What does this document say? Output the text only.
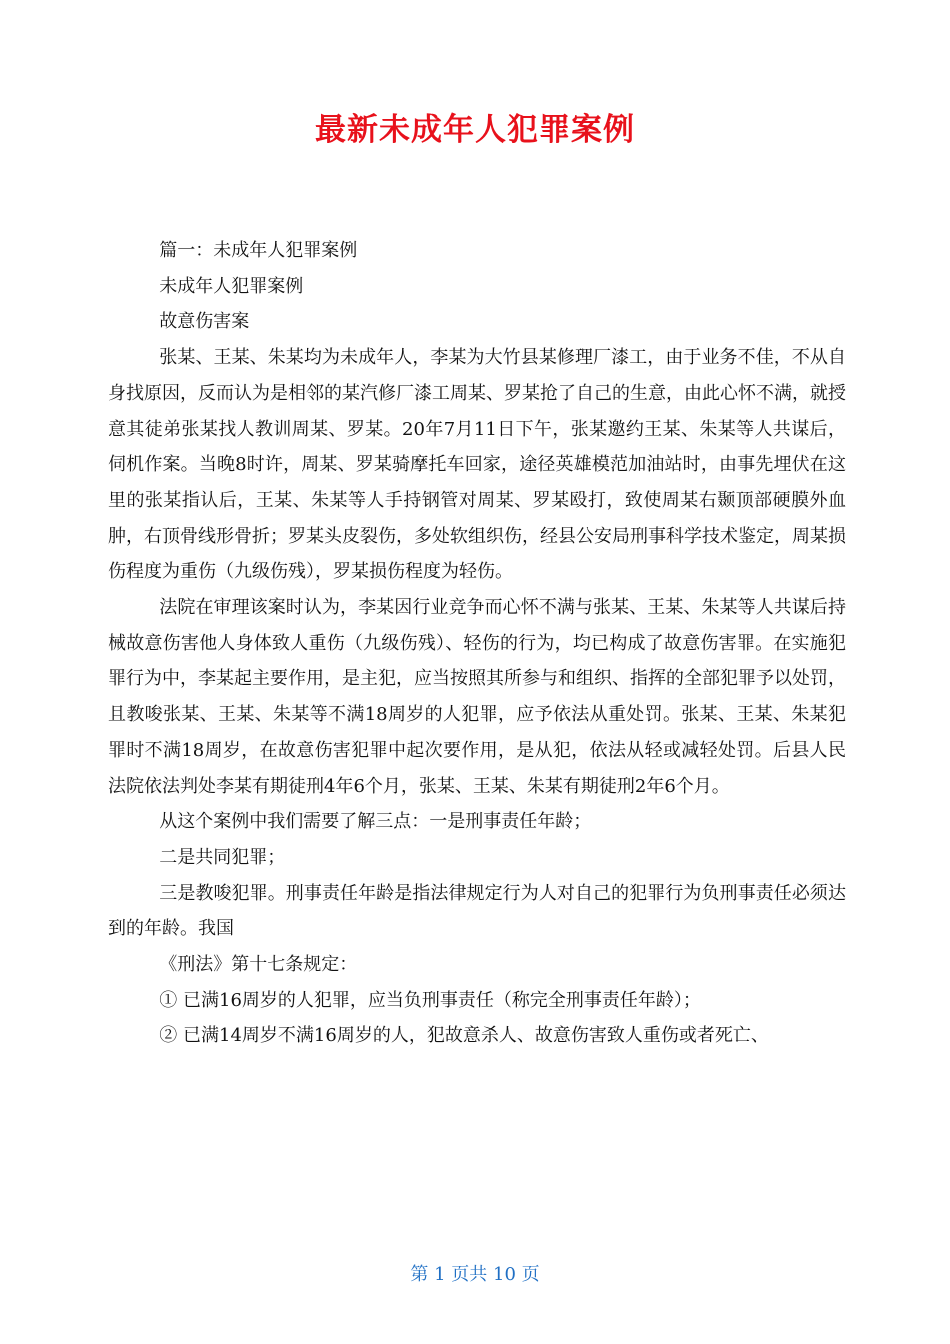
最新未成年人犯罪案例

篇一：未成年人犯罪案例

未成年人犯罪案例

故意伤害案

张某、王某、朱某均为未成年人，李某为大竹县某修理厂漆工，由于业务不佳，不从自身找原因，反而认为是相邻的某汽修厂漆工周某、罗某抢了自己的生意，由此心怀不满，就授意其徒弟张某找人教训周某、罗某。20年7月11日下午，张某邀约王某、朱某等人共谋后，伺机作案。当晚8时许，周某、罗某骑摩托车回家，途径英雄模范加油站时，由事先埋伏在这里的张某指认后，王某、朱某等人手持钢管对周某、罗某殴打，致使周某右颞顶部硬膜外血肿，右顶骨线形骨折；罗某头皮裂伤，多处软组织伤，经县公安局刑事科学技术鉴定，周某损伤程度为重伤（九级伤残），罗某损伤程度为轻伤。

法院在审理该案时认为，李某因行业竞争而心怀不满与张某、王某、朱某等人共谋后持械故意伤害他人身体致人重伤（九级伤残）、轻伤的行为，均已构成了故意伤害罪。在实施犯罪行为中，李某起主要作用，是主犯，应当按照其所参与和组织、指挥的全部犯罪予以处罚，且教唆张某、王某、朱某等不满18周岁的人犯罪，应予依法从重处罚。张某、王某、朱某犯罪时不满18周岁，在故意伤害犯罪中起次要作用，是从犯，依法从轻或减轻处罚。后县人民法院依法判处李某有期徒刑4年6个月，张某、王某、朱某有期徒刑2年6个月。

从这个案例中我们需要了解三点：一是刑事责任年龄；

二是共同犯罪；

三是教唆犯罪。刑事责任年龄是指法律规定行为人对自己的犯罪行为负刑事责任必须达到的年龄。我国

《刑法》第十七条规定：

① 已满16周岁的人犯罪，应当负刑事责任（称完全刑事责任年龄）；

② 已满14周岁不满16周岁的人，犯故意杀人、故意伤害致人重伤或者死亡、

第 1 页共 10 页
